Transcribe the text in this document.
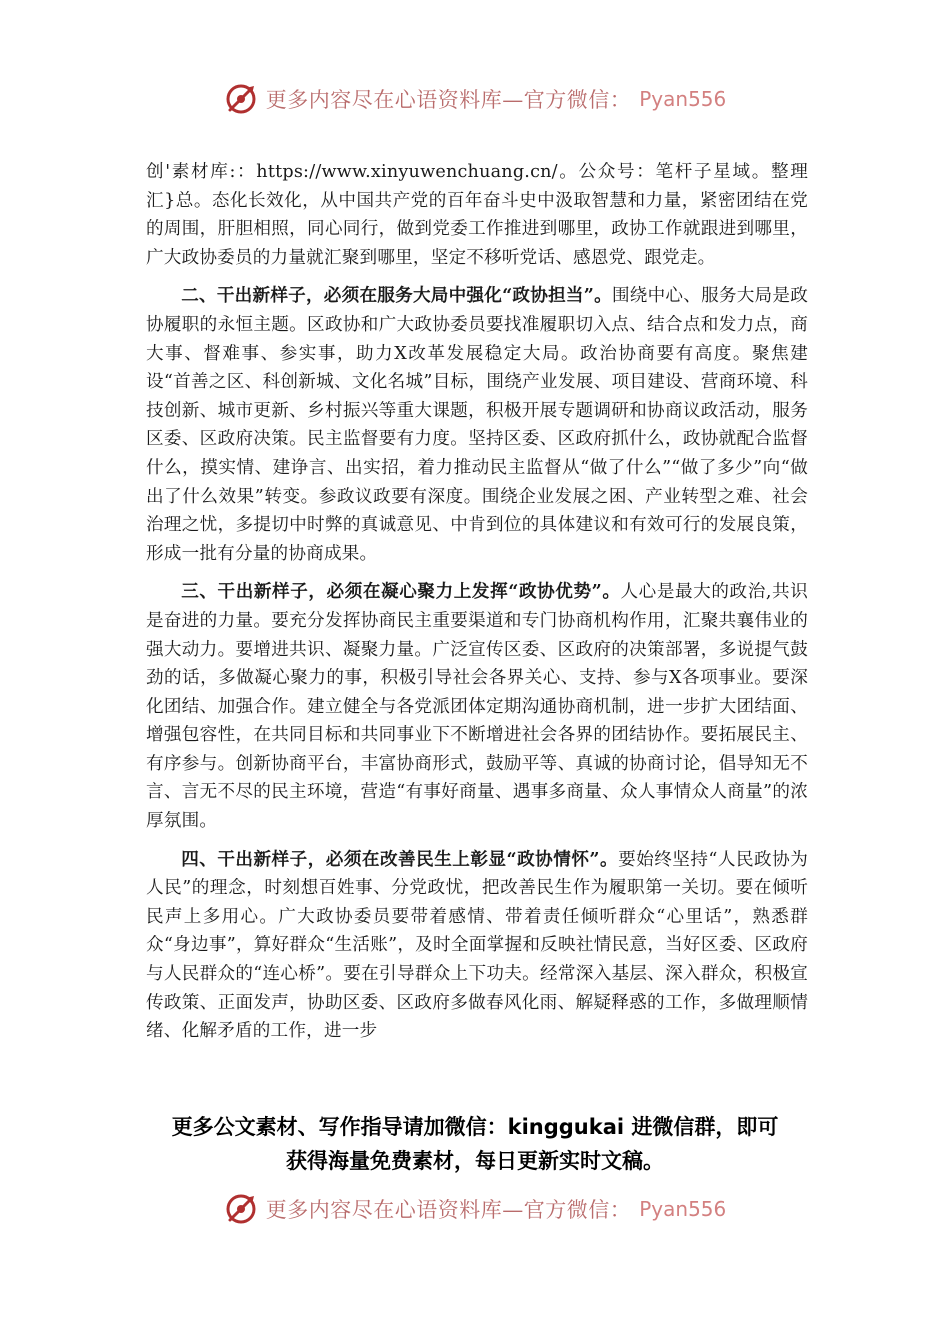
更多内容尽在心语资料库—官方微信： Pyan556

创'素材库:：https://www.xinyuwenchuang.cn/。公众号：笔杆子星域。整理汇}总。态化长效化，从中国共产党的百年奋斗史中汲取智慧和力量，紧密团结在党的周围，肝胆相照，同心同行，做到党委工作推进到哪里，政协工作就跟进到哪里，广大政协委员的力量就汇聚到哪里，坚定不移听党话、感恩党、跟党走。

二、干出新样子，必须在服务大局中强化“政协担当”。围绕中心、服务大局是政协履职的永恒主题。区政协和广大政协委员要找准履职切入点、结合点和发力点，商大事、督难事、参实事，助力X改革发展稳定大局。政治协商要有高度。聚焦建设“首善之区、科创新城、文化名城”目标，围绕产业发展、项目建设、营商环境、科技创新、城市更新、乡村振兴等重大课题，积极开展专题调研和协商议政活动，服务区委、区政府决策。民主监督要有力度。坚持区委、区政府抓什么，政协就配合监督什么，摸实情、建诤言、出实招，着力推动民主监督从“做了什么”“做了多少”向“做出了什么效果”转变。参政议政要有深度。围绕企业发展之困、产业转型之难、社会治理之忧，多提切中时弊的真诚意见、中肯到位的具体建议和有效可行的发展良策，形成一批有分量的协商成果。

三、干出新样子，必须在凝心聚力上发挥“政协优势”。人心是最大的政治,共识是奋进的力量。要充分发挥协商民主重要渠道和专门协商机构作用，汇聚共襄伟业的强大动力。要增进共识、凝聚力量。广泛宣传区委、区政府的决策部署，多说提气鼓劲的话，多做凝心聚力的事，积极引导社会各界关心、支持、参与X各项事业。要深化团结、加强合作。建立健全与各党派团体定期沟通协商机制，进一步扩大团结面、增强包容性，在共同目标和共同事业下不断增进社会各界的团结协作。要拓展民主、有序参与。创新协商平台，丰富协商形式，鼓励平等、真诚的协商讨论，倡导知无不言、言无不尽的民主环境，营造“有事好商量、遇事多商量、众人事情众人商量”的浓厚氛围。

四、干出新样子，必须在改善民生上彰显“政协情怀”。要始终坚持“人民政协为人民”的理念，时刻想百姓事、分党政忧，把改善民生作为履职第一关切。要在倾听民声上多用心。广大政协委员要带着感情、带着责任倾听群众“心里话”，熟悉群众“身边事”，算好群众“生活账”，及时全面掌握和反映社情民意，当好区委、区政府与人民群众的“连心桥”。要在引导群众上下功夫。经常深入基层、深入群众，积极宣传政策、正面发声，协助区委、区政府多做春风化雨、解疑释惑的工作，多做理顺情绪、化解矛盾的工作，进一步

更多公文素材、写作指导请加微信：kinggukai 进微信群，即可
获得海量免费素材，每日更新实时文稿。
更多内容尽在心语资料库—官方微信： Pyan556
